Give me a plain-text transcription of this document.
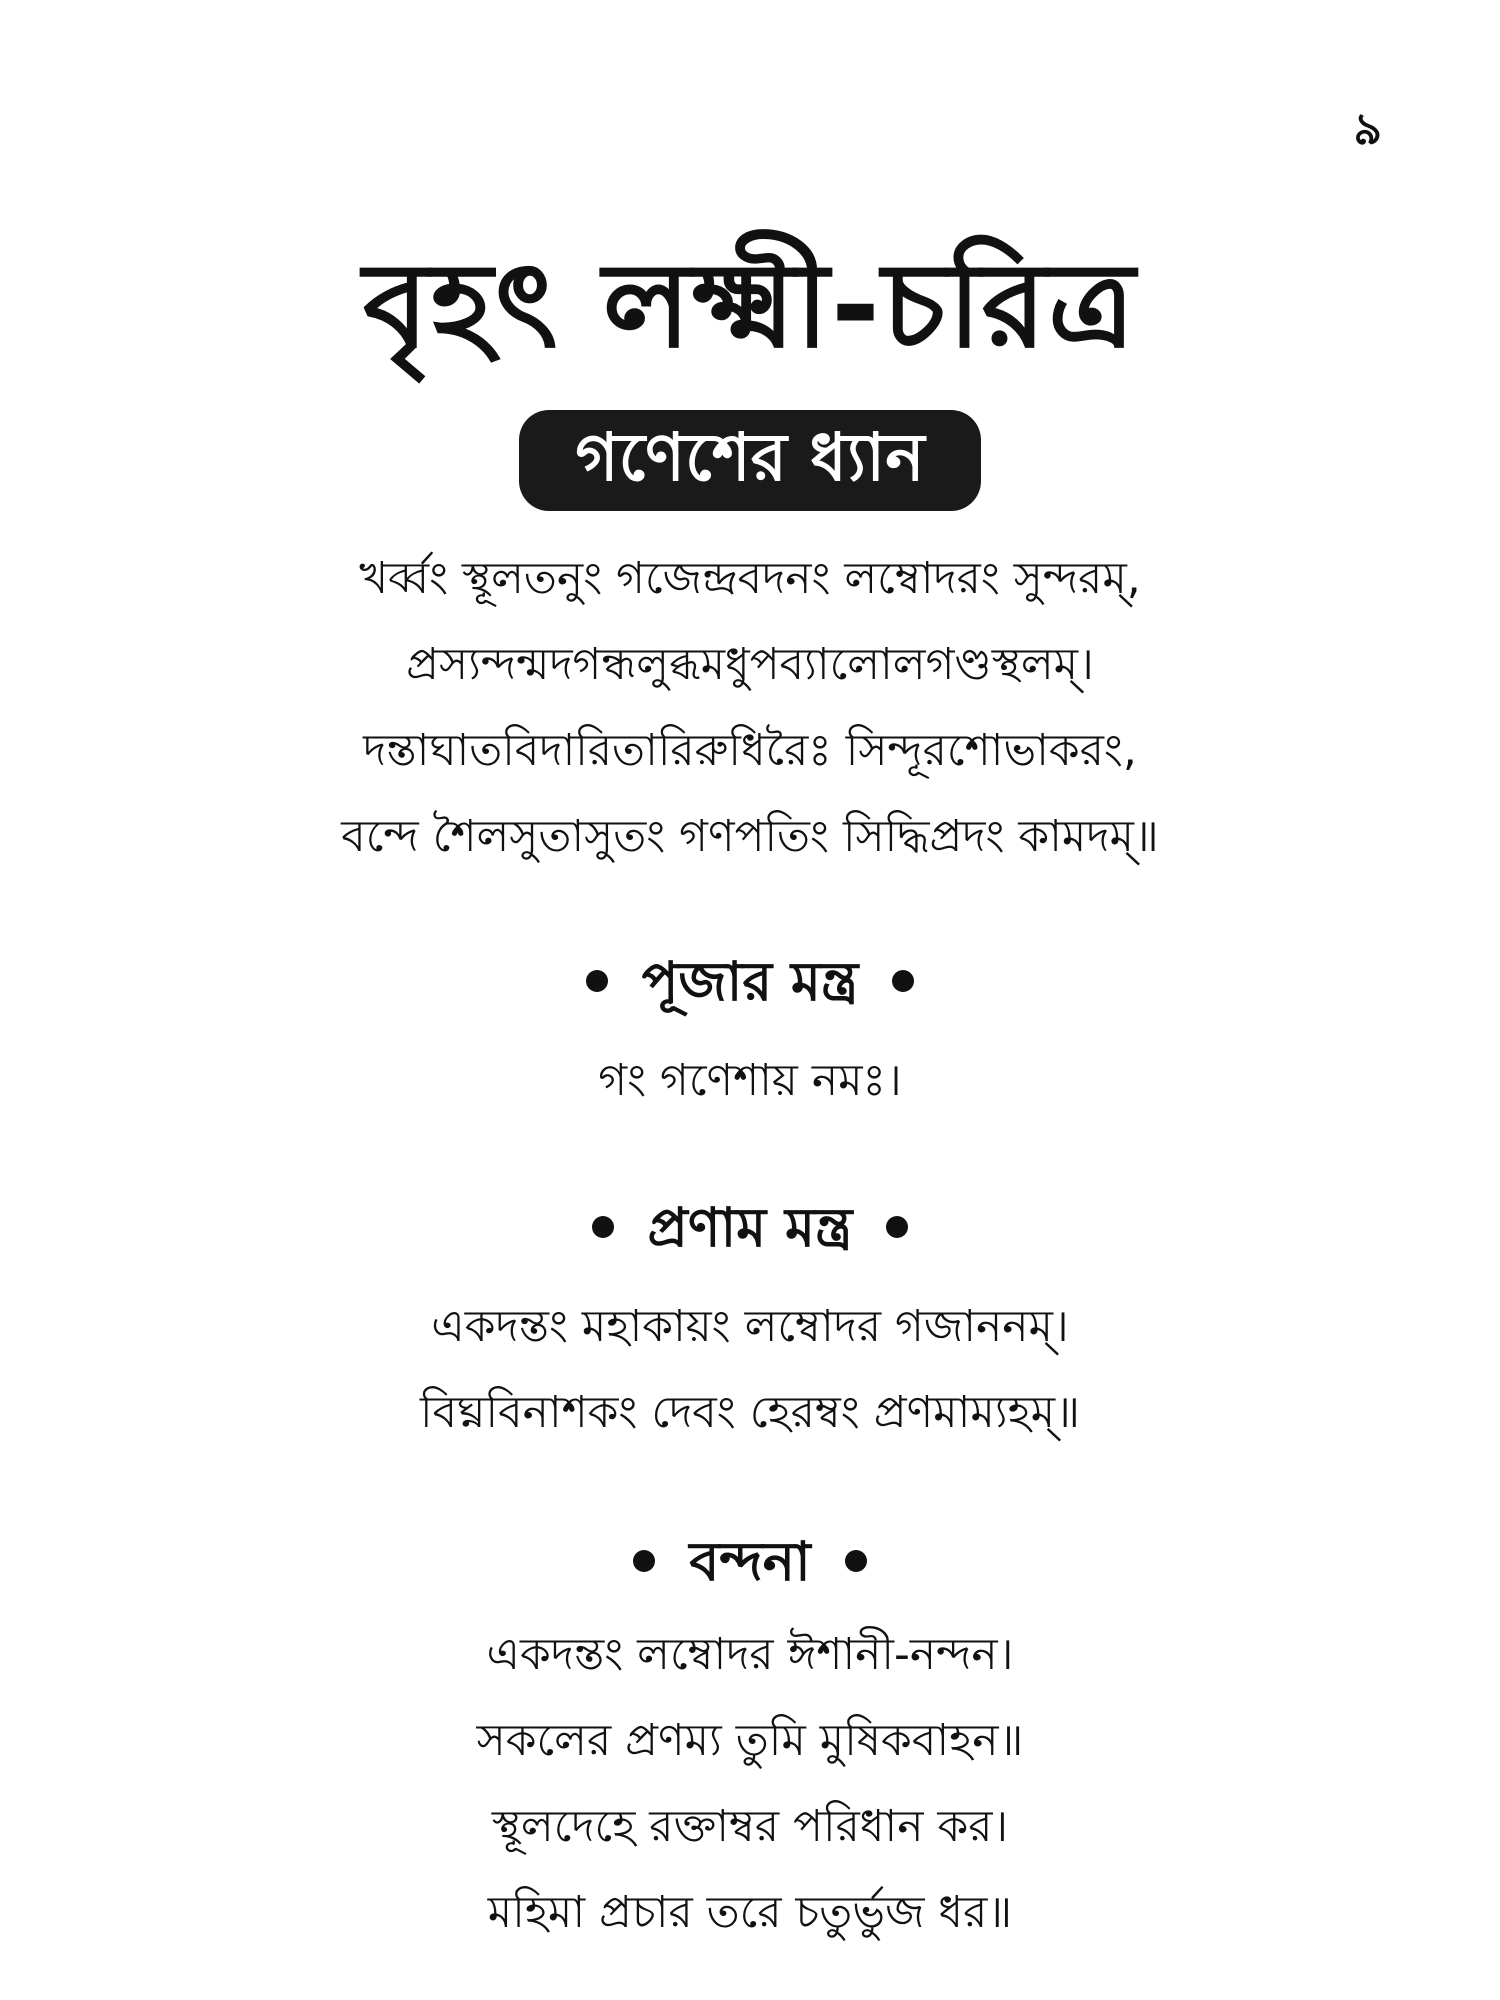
৯
বৃহৎ লক্ষ্মী-চরিত্র
গণেশের ধ্যান
খর্ব্বং স্থূলতনুং গজেন্দ্রবদনং লম্বোদরং সুন্দরম্,
প্রস্যন্দন্মদগন্ধলুব্ধমধুপব্যালোলগণ্ডস্থলম্।
দন্তাঘাতবিদারিতারিরুধিরৈঃ সিন্দূরশোভাকরং,
বন্দে শৈলসুতাসুতং গণপতিং সিদ্ধিপ্রদং কামদম্॥
পূজার মন্ত্র
গং গণেশায় নমঃ।
প্রণাম মন্ত্র
একদন্তং মহাকায়ং লম্বোদর গজাননম্।
বিঘ্নবিনাশকং দেবং হেরম্বং প্রণমাম্যহম্॥
বন্দনা
একদন্তং লম্বোদর ঈশানী-নন্দন।
সকলের প্রণম্য তুমি মুষিকবাহন॥
স্থূলদেহে রক্তাম্বর পরিধান কর।
মহিমা প্রচার তরে চতুর্ভুজ ধর॥
